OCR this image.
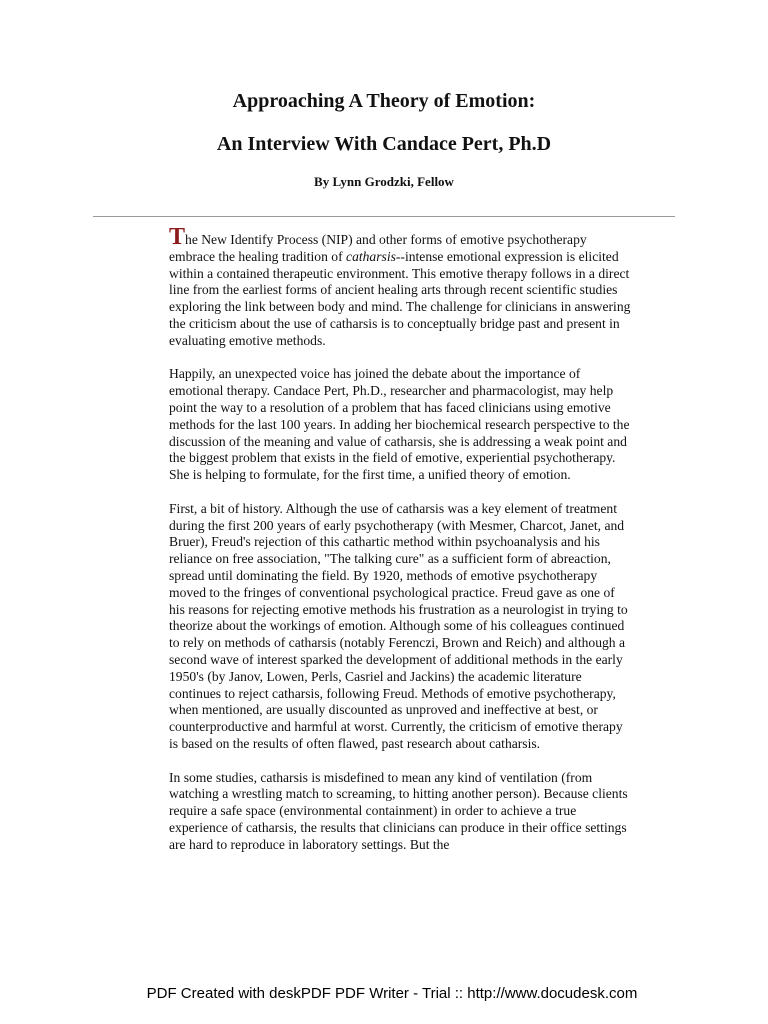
Approaching A Theory of Emotion:
An Interview With Candace Pert, Ph.D
By Lynn Grodzki, Fellow

The New Identify Process (NIP) and other forms of emotive psychotherapy embrace the healing tradition of catharsis--intense emotional expression is elicited within a contained therapeutic environment. This emotive therapy follows in a direct line from the earliest forms of ancient healing arts through recent scientific studies exploring the link between body and mind. The challenge for clinicians in answering the criticism about the use of catharsis is to conceptually bridge past and present in evaluating emotive methods.

Happily, an unexpected voice has joined the debate about the importance of emotional therapy. Candace Pert, Ph.D., researcher and pharmacologist, may help point the way to a resolution of a problem that has faced clinicians using emotive methods for the last 100 years. In adding her biochemical research perspective to the discussion of the meaning and value of catharsis, she is addressing a weak point and the biggest problem that exists in the field of emotive, experiential psychotherapy. She is helping to formulate, for the first time, a unified theory of emotion.

First, a bit of history. Although the use of catharsis was a key element of treatment during the first 200 years of early psychotherapy (with Mesmer, Charcot, Janet, and Bruer), Freud's rejection of this cathartic method within psychoanalysis and his reliance on free association, "The talking cure" as a sufficient form of abreaction, spread until dominating the field. By 1920, methods of emotive psychotherapy moved to the fringes of conventional psychological practice. Freud gave as one of his reasons for rejecting emotive methods his frustration as a neurologist in trying to theorize about the workings of emotion. Although some of his colleagues continued to rely on methods of catharsis (notably Ferenczi, Brown and Reich) and although a second wave of interest sparked the development of additional methods in the early 1950's (by Janov, Lowen, Perls, Casriel and Jackins) the academic literature continues to reject catharsis, following Freud. Methods of emotive psychotherapy, when mentioned, are usually discounted as unproved and ineffective at best, or counterproductive and harmful at worst. Currently, the criticism of emotive therapy is based on the results of often flawed, past research about catharsis.

In some studies, catharsis is misdefined to mean any kind of ventilation (from watching a wrestling match to screaming, to hitting another person). Because clients require a safe space (environmental containment) in order to achieve a true experience of catharsis, the results that clinicians can produce in their office settings are hard to reproduce in laboratory settings. But the

PDF Created with deskPDF PDF Writer - Trial :: http://www.docudesk.com
